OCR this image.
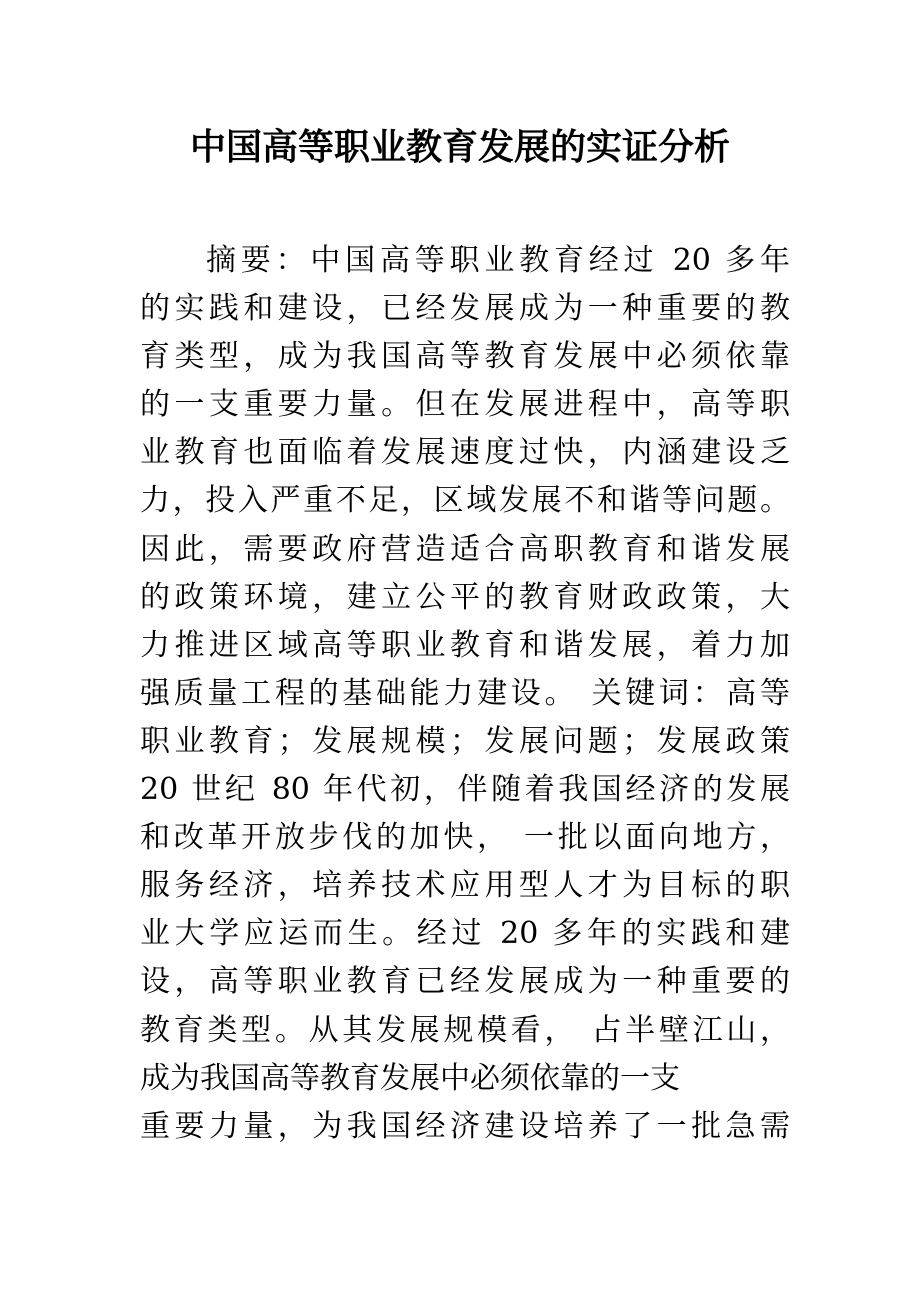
中国高等职业教育发展的实证分析
摘要：中国高等职业教育经过 20 多年
的实践和建设，已经发展成为一种重要的教
育类型，成为我国高等教育发展中必须依靠
的一支重要力量。但在发展进程中，高等职
业教育也面临着发展速度过快，内涵建设乏
力，投入严重不足，区域发展不和谐等问题。
因此，需要政府营造适合高职教育和谐发展
的政策环境，建立公平的教育财政政策，大
力推进区域高等职业教育和谐发展，着力加
强质量工程的基础能力建设。 关键词：高等
职业教育；发展规模；发展问题；发展政策
20 世纪 80 年代初，伴随着我国经济的发展
和改革开放步伐的加快， 一批以面向地方，
服务经济，培养技术应用型人才为目标的职
业大学应运而生。经过 20 多年的实践和建
设，高等职业教育已经发展成为一种重要的
教育类型。从其发展规模看， 占半壁江山，
成为我国高等教育发展中必须依靠的一支
重要力量，为我国经济建设培养了一批急需
